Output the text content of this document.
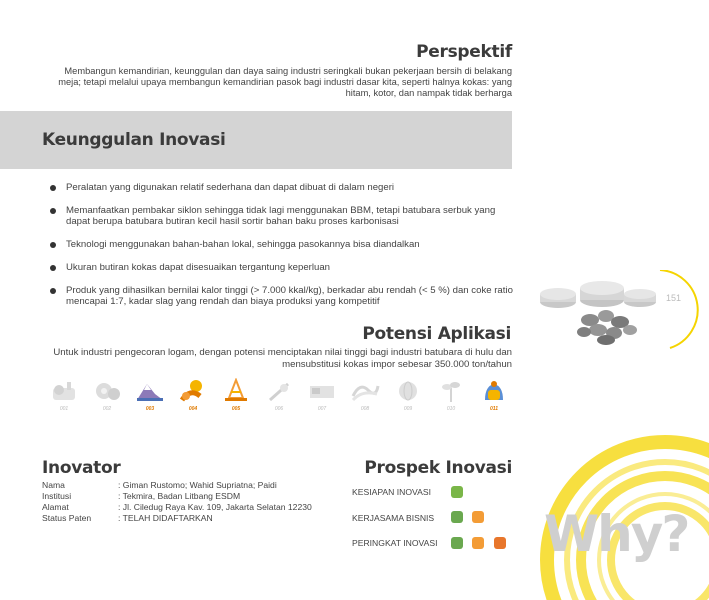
151
Perspektif
Membangun kemandirian, keunggulan dan daya saing industri seringkali bukan pekerjaan bersih di belakang meja; tetapi melalui upaya membangun kemandirian pasok bagi industri dasar kita, seperti halnya kokas: yang hitam, kotor, dan nampak tidak berharga
Keunggulan Inovasi
Peralatan yang digunakan relatif sederhana dan dapat dibuat di dalam negeri
Memanfaatkan pembakar siklon sehingga tidak lagi menggunakan BBM, tetapi batubara serbuk yang dapat berupa batubara butiran kecil hasil sortir bahan baku proses karbonisasi
Teknologi menggunakan bahan-bahan lokal, sehingga pasokannya bisa diandalkan
Ukuran butiran kokas dapat disesuaikan tergantung keperluan
Produk yang dihasilkan bernilai kalor tinggi (> 7.000 kkal/kg), berkadar abu rendah (< 5 %) dan coke ratio mencapai 1:7, kadar slag yang rendah dan biaya produksi yang kompetitif
Potensi Aplikasi
Untuk industri pengecoran logam, dengan potensi menciptakan nilai tinggi bagi industri batubara di hulu dan mensubstitusi kokas impor sebesar 350.000 ton/tahun
001	002	003	004	005	006	007	008	009	010	011
Inovator
Nama	: Giman Rustomo; Wahid Supriatna; Paidi
Institusi	: Tekmira, Badan Litbang ESDM
Alamat	: Jl. Ciledug Raya Kav. 109, Jakarta Selatan 12230
Status Paten	: TELAH DIDAFTARKAN
Prospek Inovasi
KESIAPAN INOVASI
KERJASAMA BISNIS
PERINGKAT INOVASI Why?
